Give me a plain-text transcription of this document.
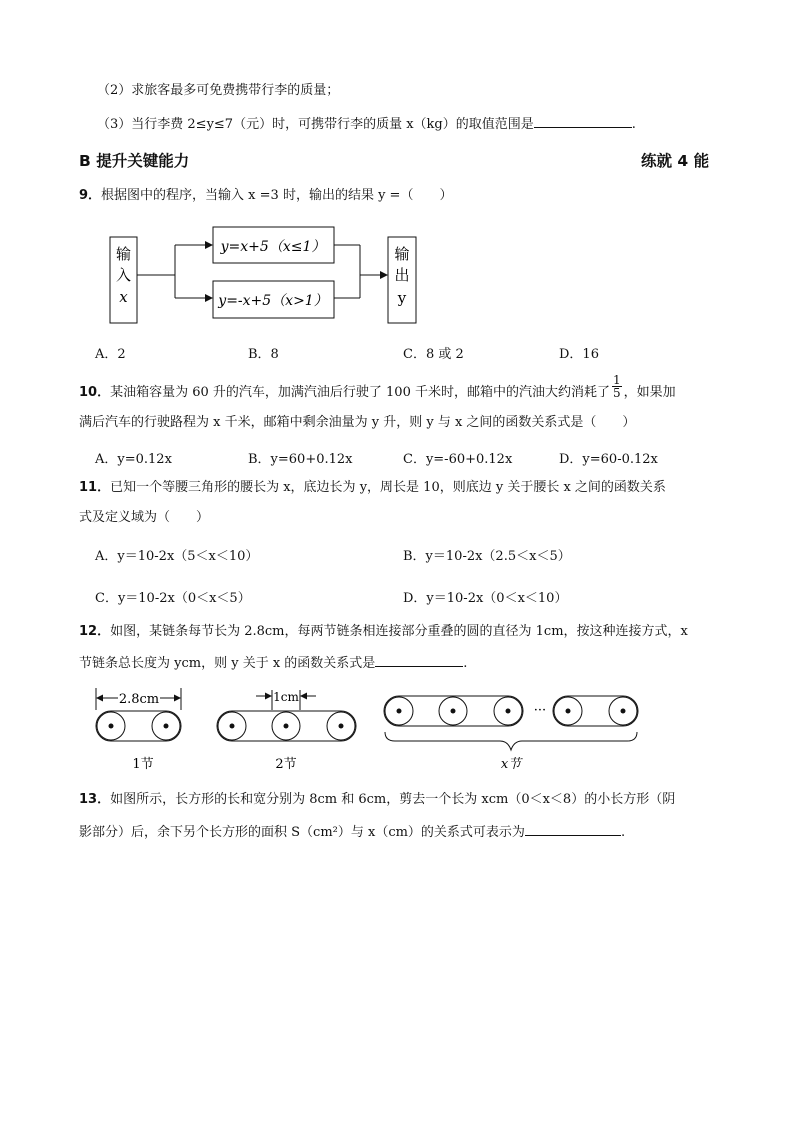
（2）求旅客最多可免费携带行李的质量；
（3）当行李费 2≤y≤7（元）时，可携带行李的质量 x（kg）的取值范围是	.
B 提升关键能力	练就 4 能
9．根据图中的程序，当输入 x =3 时，输出的结果 y =（　　）
输
入
x
y=x+5（x≤1）
y=-x+5（x>1）
输
出
y
A．2	B．8	C．8 或 2	D．16
10．某油箱容量为 60 升的汽车，加满汽油后行驶了 100 千米时，邮箱中的汽油大约消耗了 $\frac{1}{5}$ ，如果加
满后汽车的行驶路程为 x 千米，邮箱中剩余油量为 y 升，则 y 与 x 之间的函数关系式是（　　）
A．y=0.12x	B．y=60+0.12x	C．y=-60+0.12x	D．y=60-0.12x
11．已知一个等腰三角形的腰长为 x，底边长为 y，周长是 10，则底边 y 关于腰长 x 之间的函数关系
式及定义域为（　　）
A．y＝10-2x（5＜x＜10）	B．y＝10-2x（2.5＜x＜5）
C．y＝10-2x（0＜x＜5）	D．y＝10-2x（0＜x＜10）
12．如图，某链条每节长为 2.8cm，每两节链条相连接部分重叠的圆的直径为 1cm，按这种连接方式，x
节链条总长度为 ycm，则 y 关于 x 的函数关系式是	.
2.8cm
1节
1cm
2节
···
x节
13．如图所示，长方形的长和宽分别为 8cm 和 6cm，剪去一个长为 xcm（0＜x＜8）的小长方形（阴
影部分）后，余下另个长方形的面积 S（cm²）与 x（cm）的关系式可表示为	.
